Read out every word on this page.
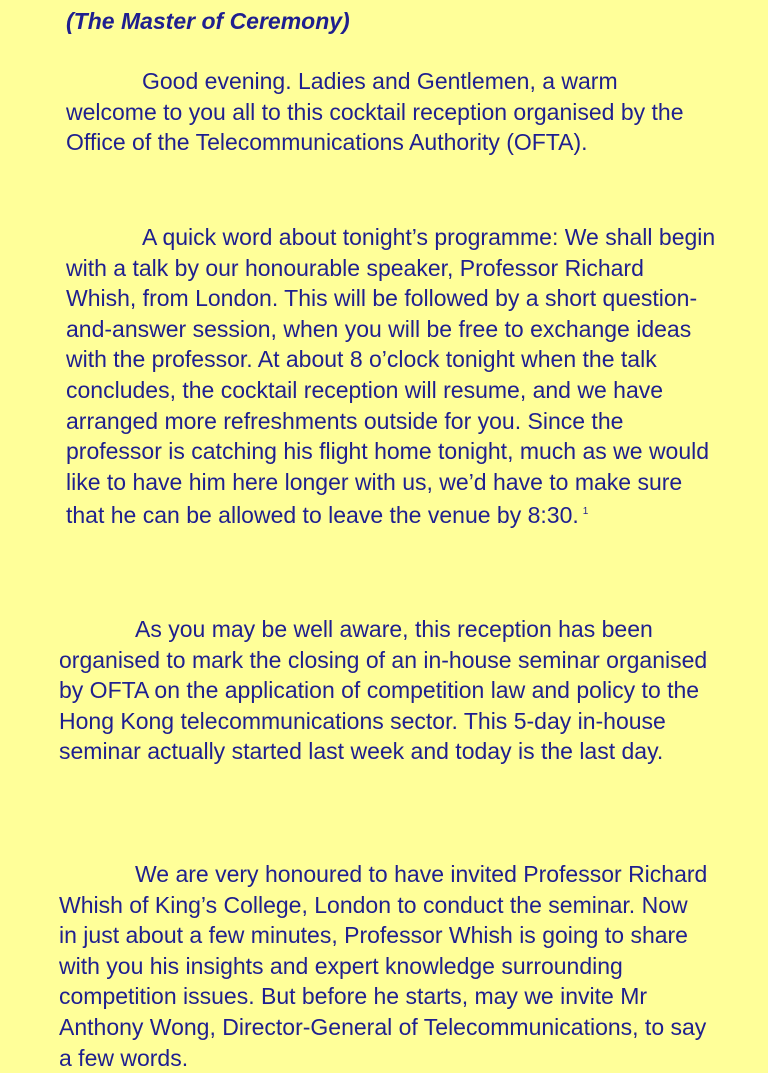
(The Master of Ceremony)

Good evening. Ladies and Gentlemen, a warm welcome to you all to this cocktail reception organised by the Office of the Telecommunications Authority (OFTA).

A quick word about tonight’s programme: We shall begin with a talk by our honourable speaker, Professor Richard Whish, from London. This will be followed by a short question-and-answer session, when you will be free to exchange ideas with the professor. At about 8 o’clock tonight when the talk concludes, the cocktail reception will resume, and we have arranged more refreshments outside for you. Since the professor is catching his flight home tonight, much as we would like to have him here longer with us, we’d have to make sure that he can be allowed to leave the venue by 8:30. $^1$

As you may be well aware, this reception has been organised to mark the closing of an in-house seminar organised by OFTA on the application of competition law and policy to the Hong Kong telecommunications sector. This 5-day in-house seminar actually started last week and today is the last day.

We are very honoured to have invited Professor Richard Whish of King’s College, London to conduct the seminar. Now in just about a few minutes, Professor Whish is going to share with you his insights and expert knowledge surrounding competition issues. But before he starts, may we invite Mr Anthony Wong, Director-General of Telecommunications, to say a few words.
